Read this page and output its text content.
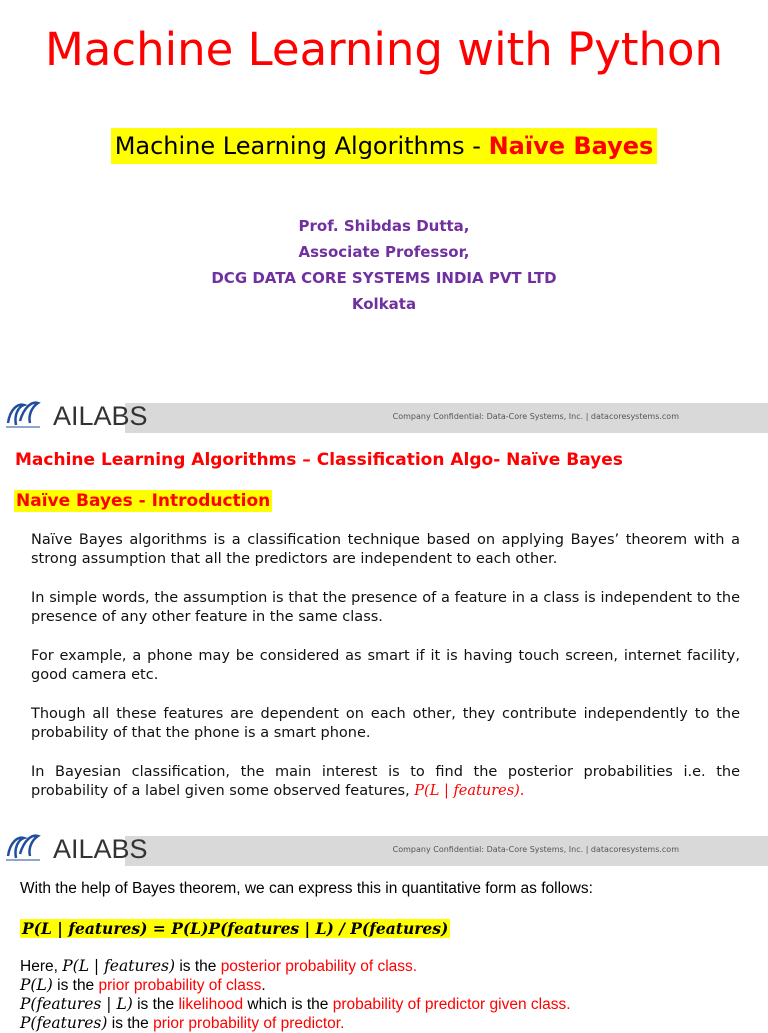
Machine Learning with Python
Machine Learning Algorithms - Naïve Bayes
Prof. Shibdas Dutta,
Associate Professor,
DCG DATA CORE SYSTEMS INDIA PVT LTD
Kolkata
AILABS	Company Confidential: Data-Core Systems, Inc. | datacoresystems.com
Machine Learning Algorithms – Classification Algo- Naïve Bayes
Naïve Bayes - Introduction
Naïve Bayes algorithms is a classification technique based on applying Bayes’ theorem with a strong assumption that all the predictors are independent to each other.
In simple words, the assumption is that the presence of a feature in a class is independent to the presence of any other feature in the same class.
For example, a phone may be considered as smart if it is having touch screen, internet facility, good camera etc.
Though all these features are dependent on each other, they contribute independently to the probability of that the phone is a smart phone.
In Bayesian classification, the main interest is to find the posterior probabilities i.e. the probability of a label given some observed features, P(L | features).
AILABS	Company Confidential: Data-Core Systems, Inc. | datacoresystems.com
With the help of Bayes theorem, we can express this in quantitative form as follows:
P(L | features) = P(L)P(features | L) / P(features)
Here, P(L | features) is the posterior probability of class.
P(L) is the prior probability of class.
P(features | L) is the likelihood which is the probability of predictor given class.
P(features) is the prior probability of predictor.
